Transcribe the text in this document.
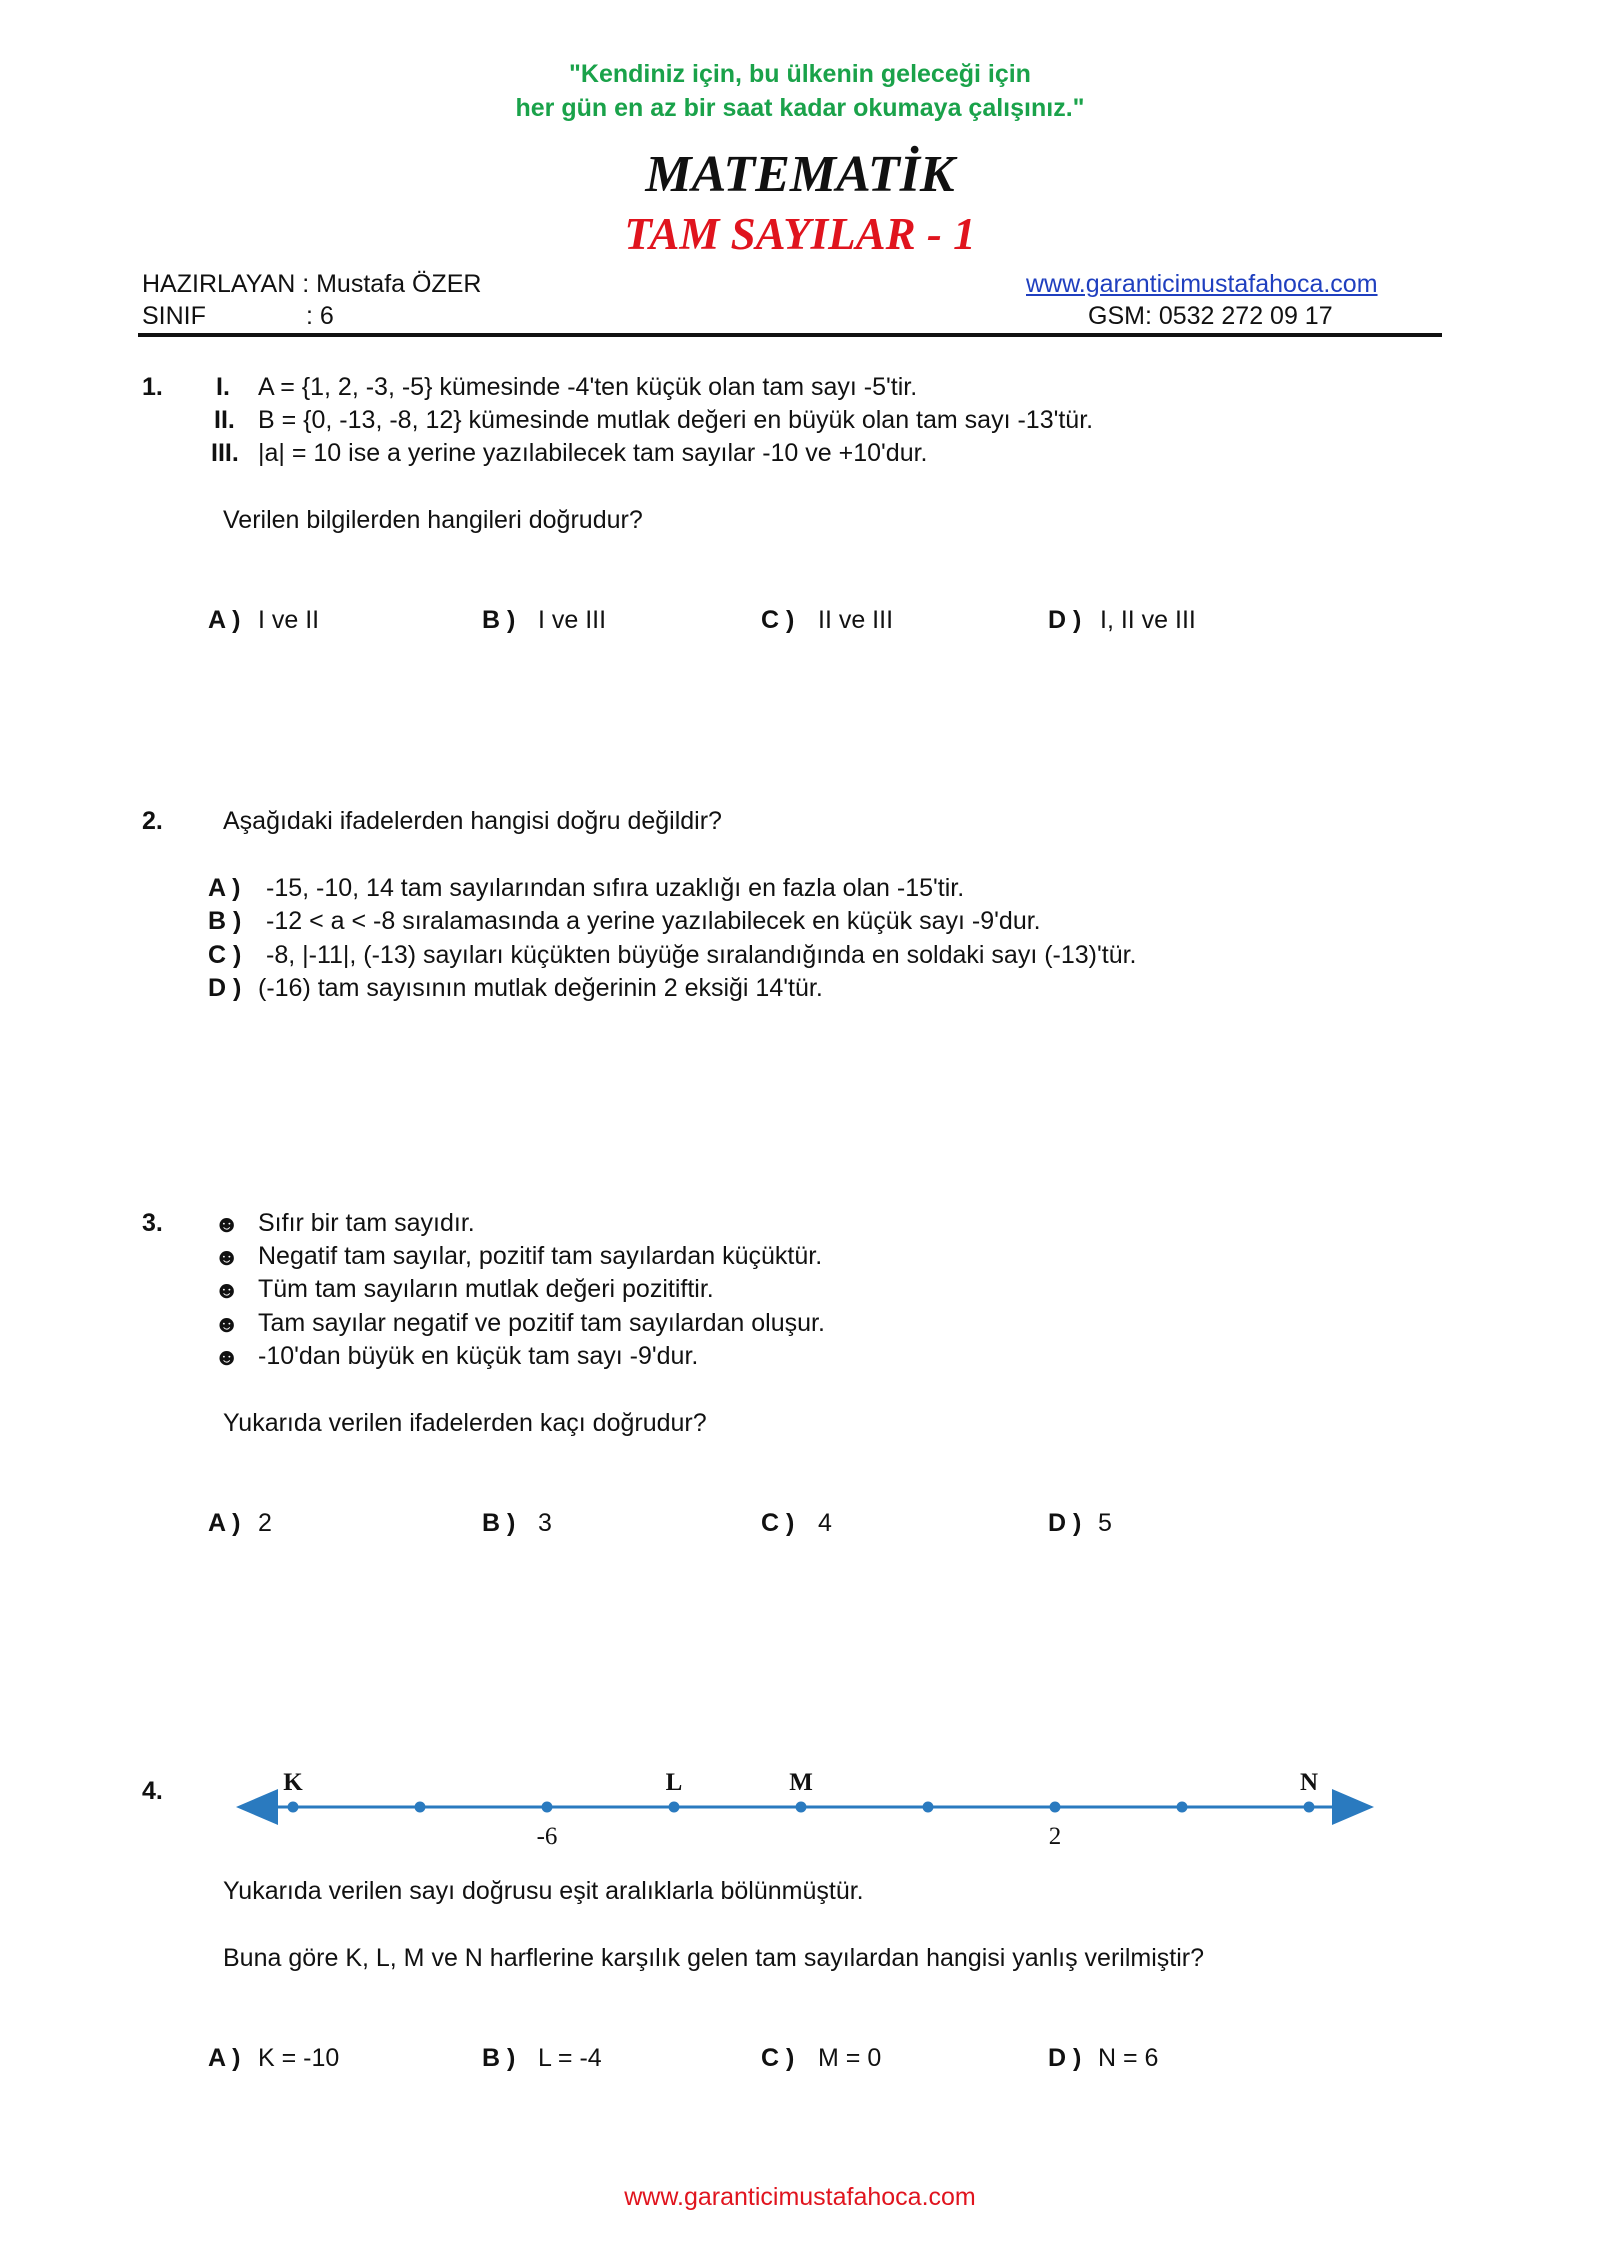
"Kendiniz için, bu ülkenin geleceği için
her gün en az bir saat kadar okumaya çalışınız."
MATEMATİK
TAM SAYILAR - 1
HAZIRLAYAN : Mustafa ÖZER
SINIF	: 6
www.garanticimustafahoca.com
GSM: 0532 272 09 17
1. I. A = {1, 2, -3, -5} kümesinde -4'ten küçük olan tam sayı -5'tir.
II. B = {0, -13, -8, 12} kümesinde mutlak değeri en büyük olan tam sayı -13'tür.
III. |a| = 10 ise a yerine yazılabilecek tam sayılar -10 ve +10'dur.
Verilen bilgilerden hangileri doğrudur?
A ) I ve II	B ) I ve III	C ) II ve III	D ) I, II ve III
2. Aşağıdaki ifadelerden hangisi doğru değildir?
A ) -15, -10, 14 tam sayılarından sıfıra uzaklığı en fazla olan -15'tir.
B ) -12 < a < -8 sıralamasında a yerine yazılabilecek en küçük sayı -9'dur.
C ) -8, |-11|, (-13) sayıları küçükten büyüğe sıralandığında en soldaki sayı (-13)'tür.
D ) (-16) tam sayısının mutlak değerinin 2 eksiği 14'tür.
3. ☻ Sıfır bir tam sayıdır.
☻ Negatif tam sayılar, pozitif tam sayılardan küçüktür.
☻ Tüm tam sayıların mutlak değeri pozitiftir.
☻ Tam sayılar negatif ve pozitif tam sayılardan oluşur.
☻ -10'dan büyük en küçük tam sayı -9'dur.
Yukarıda verilen ifadelerden kaçı doğrudur?
A ) 2	B ) 3	C ) 4	D ) 5
4.	K	L	M	N
-6	2
Yukarıda verilen sayı doğrusu eşit aralıklarla bölünmüştür.
Buna göre K, L, M ve N harflerine karşılık gelen tam sayılardan hangisi yanlış verilmiştir?
A ) K = -10	B ) L = -4	C ) M = 0	D ) N = 6
www.garanticimustafahoca.com
